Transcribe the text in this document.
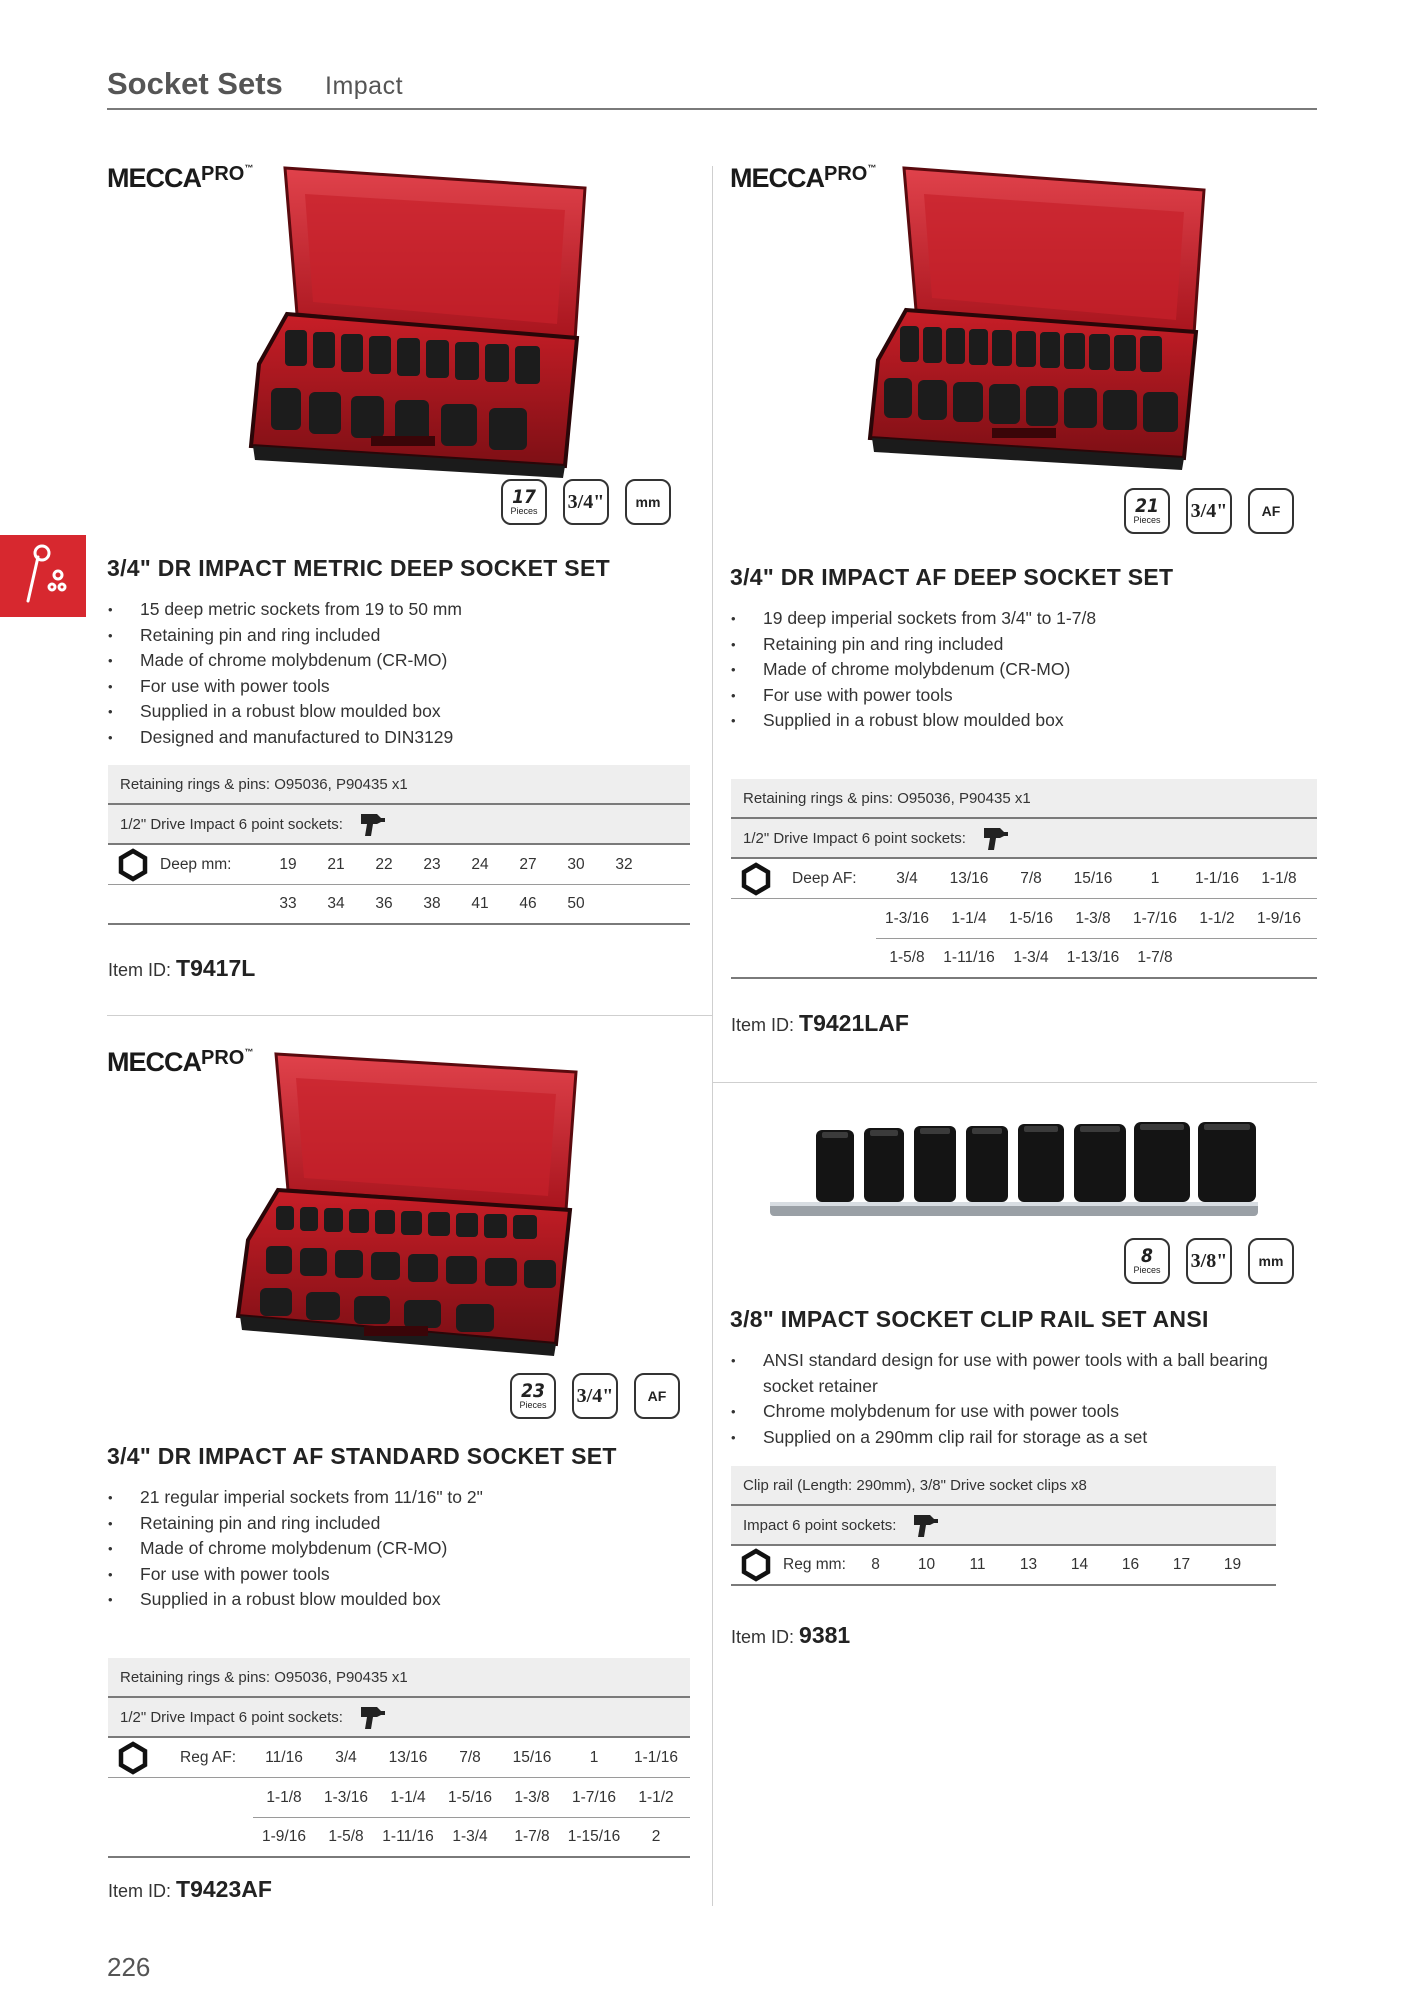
Socket Sets Impact
$MECCA^{PRO}$ ™
17
Pieces 3/4" mm
3/4" DR IMPACT METRIC DEEP SOCKET SET
• 15 deep metric sockets from 19 to 50 mm
• Retaining pin and ring included
• Made of chrome molybdenum (CR-MO)
• For use with power tools
• Supplied in a robust blow moulded box
• Designed and manufactured to DIN3129
Retaining rings & pins: O95036, P90435 x1
1/2" Drive Impact 6 point sockets:
Deep mm:	19	21	22	23	24	27	30	32
33	34	36	38	41	46	50
Item ID: T9417L
$MECCA^{PRO}$ ™
21
Pieces 3/4" AF
3/4" DR IMPACT AF DEEP SOCKET SET
• 19 deep imperial sockets from 3/4" to 1-7/8
• Retaining pin and ring included
• Made of chrome molybdenum (CR-MO)
• For use with power tools
• Supplied in a robust blow moulded box
Retaining rings & pins: O95036, P90435 x1
1/2" Drive Impact 6 point sockets:
Deep AF:	3/4	13/16	7/8	15/16	1	1-1/16	1-1/8
1-3/16	1-1/4	1-5/16	1-3/8	1-7/16	1-1/2	1-9/16
1-5/8	1-11/16	1-3/4	1-13/16	1-7/8
Item ID: T9421LAF
$MECCA^{PRO}$ ™
23
Pieces 3/4" AF
3/4" DR IMPACT AF STANDARD SOCKET SET
• 21 regular imperial sockets from 11/16" to 2"
• Retaining pin and ring included
• Made of chrome molybdenum (CR-MO)
• For use with power tools
• Supplied in a robust blow moulded box
Retaining rings & pins: O95036, P90435 x1
1/2" Drive Impact 6 point sockets:
Reg AF:	11/16	3/4	13/16	7/8	15/16	1	1-1/16
1-1/8	1-3/16	1-1/4	1-5/16	1-3/8	1-7/16	1-1/2
1-9/16	1-5/8	1-11/16	1-3/4	1-7/8	1-15/16	2
Item ID: T9423AF
8
Pieces 3/8" mm
3/8" IMPACT SOCKET CLIP RAIL SET ANSI
• ANSI standard design for use with power tools with a ball bearing socket retainer
• Chrome molybdenum for use with power tools
• Supplied on a 290mm clip rail for storage as a set
Clip rail (Length: 290mm), 3/8" Drive socket clips x8
Impact 6 point sockets:
Reg mm:	8	10	11	13	14	16	17	19
Item ID: 9381
226
